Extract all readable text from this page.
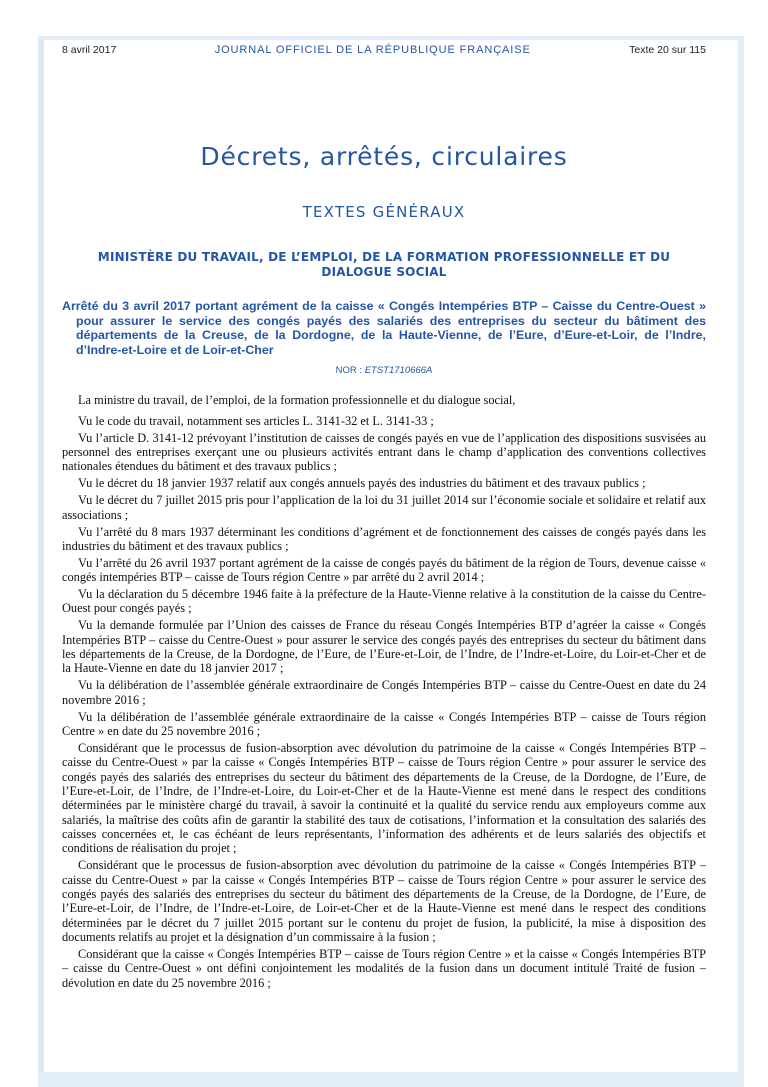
8 avril 2017	JOURNAL OFFICIEL DE LA RÉPUBLIQUE FRANÇAISE	Texte 20 sur 115
Décrets, arrêtés, circulaires
TEXTES GÉNÉRAUX
MINISTÈRE DU TRAVAIL, DE L’EMPLOI, DE LA FORMATION PROFESSIONNELLE ET DU DIALOGUE SOCIAL
Arrêté du 3 avril 2017 portant agrément de la caisse « Congés Intempéries BTP – Caisse du Centre-Ouest » pour assurer le service des congés payés des salariés des entreprises du secteur du bâtiment des départements de la Creuse, de la Dordogne, de la Haute-Vienne, de l’Eure, d’Eure-et-Loir, de l’Indre, d’Indre-et-Loire et de Loir-et-Cher
NOR : ETST1710666A

La ministre du travail, de l’emploi, de la formation professionnelle et du dialogue social,

Vu le code du travail, notamment ses articles L. 3141-32 et L. 3141-33 ;

Vu l’article D. 3141-12 prévoyant l’institution de caisses de congés payés en vue de l’application des dispositions susvisées au personnel des entreprises exerçant une ou plusieurs activités entrant dans le champ d’application des conventions collectives nationales étendues du bâtiment et des travaux publics ;

Vu le décret du 18 janvier 1937 relatif aux congés annuels payés des industries du bâtiment et des travaux publics ;

Vu le décret du 7 juillet 2015 pris pour l’application de la loi du 31 juillet 2014 sur l’économie sociale et solidaire et relatif aux associations ;

Vu l’arrêté du 8 mars 1937 déterminant les conditions d’agrément et de fonctionnement des caisses de congés payés dans les industries du bâtiment et des travaux publics ;

Vu l’arrêté du 26 avril 1937 portant agrément de la caisse de congés payés du bâtiment de la région de Tours, devenue caisse « congés intempéries BTP – caisse de Tours région Centre » par arrêté du 2 avril 2014 ;

Vu la déclaration du 5 décembre 1946 faite à la préfecture de la Haute-Vienne relative à la constitution de la caisse du Centre-Ouest pour congés payés ;

Vu la demande formulée par l’Union des caisses de France du réseau Congés Intempéries BTP d’agréer la caisse « Congés Intempéries BTP – caisse du Centre-Ouest » pour assurer le service des congés payés des entreprises du secteur du bâtiment dans les départements de la Creuse, de la Dordogne, de l’Eure, de l’Eure-et-Loir, de l’Indre, de l’Indre-et-Loire, du Loir-et-Cher et de la Haute-Vienne en date du 18 janvier 2017 ;

Vu la délibération de l’assemblée générale extraordinaire de Congés Intempéries BTP – caisse du Centre-Ouest en date du 24 novembre 2016 ;

Vu la délibération de l’assemblée générale extraordinaire de la caisse « Congés Intempéries BTP – caisse de Tours région Centre » en date du 25 novembre 2016 ;

Considérant que le processus de fusion-absorption avec dévolution du patrimoine de la caisse « Congés Intempéries BTP – caisse du Centre-Ouest » par la caisse « Congés Intempéries BTP – caisse de Tours région Centre » pour assurer le service des congés payés des salariés des entreprises du secteur du bâtiment des départements de la Creuse, de la Dordogne, de l’Eure, de l’Eure-et-Loir, de l’Indre, de l’Indre-et-Loire, du Loir-et-Cher et de la Haute-Vienne est mené dans le respect des conditions déterminées par le ministère chargé du travail, à savoir la continuité et la qualité du service rendu aux employeurs comme aux salariés, la maîtrise des coûts afin de garantir la stabilité des taux de cotisations, l’information et la consultation des salariés des caisses concernées et, le cas échéant de leurs représentants, l’information des adhérents et de leurs salariés des objectifs et conditions de réalisation du projet ;

Considérant que le processus de fusion-absorption avec dévolution du patrimoine de la caisse « Congés Intempéries BTP – caisse du Centre-Ouest » par la caisse « Congés Intempéries BTP – caisse de Tours région Centre » pour assurer le service des congés payés des salariés des entreprises du secteur du bâtiment des départements de la Creuse, de la Dordogne, de l’Eure, de l’Eure-et-Loir, de l’Indre, de l’Indre-et-Loire, de Loir-et-Cher et de la Haute-Vienne est mené dans le respect des conditions déterminées par le décret du 7 juillet 2015 portant sur le contenu du projet de fusion, la publicité, la mise à disposition des documents relatifs au projet et la désignation d’un commissaire à la fusion ;

Considérant que la caisse « Congés Intempéries BTP – caisse de Tours région Centre » et la caisse « Congés Intempéries BTP – caisse du Centre-Ouest » ont défini conjointement les modalités de la fusion dans un document intitulé Traité de fusion – dévolution en date du 25 novembre 2016 ;
